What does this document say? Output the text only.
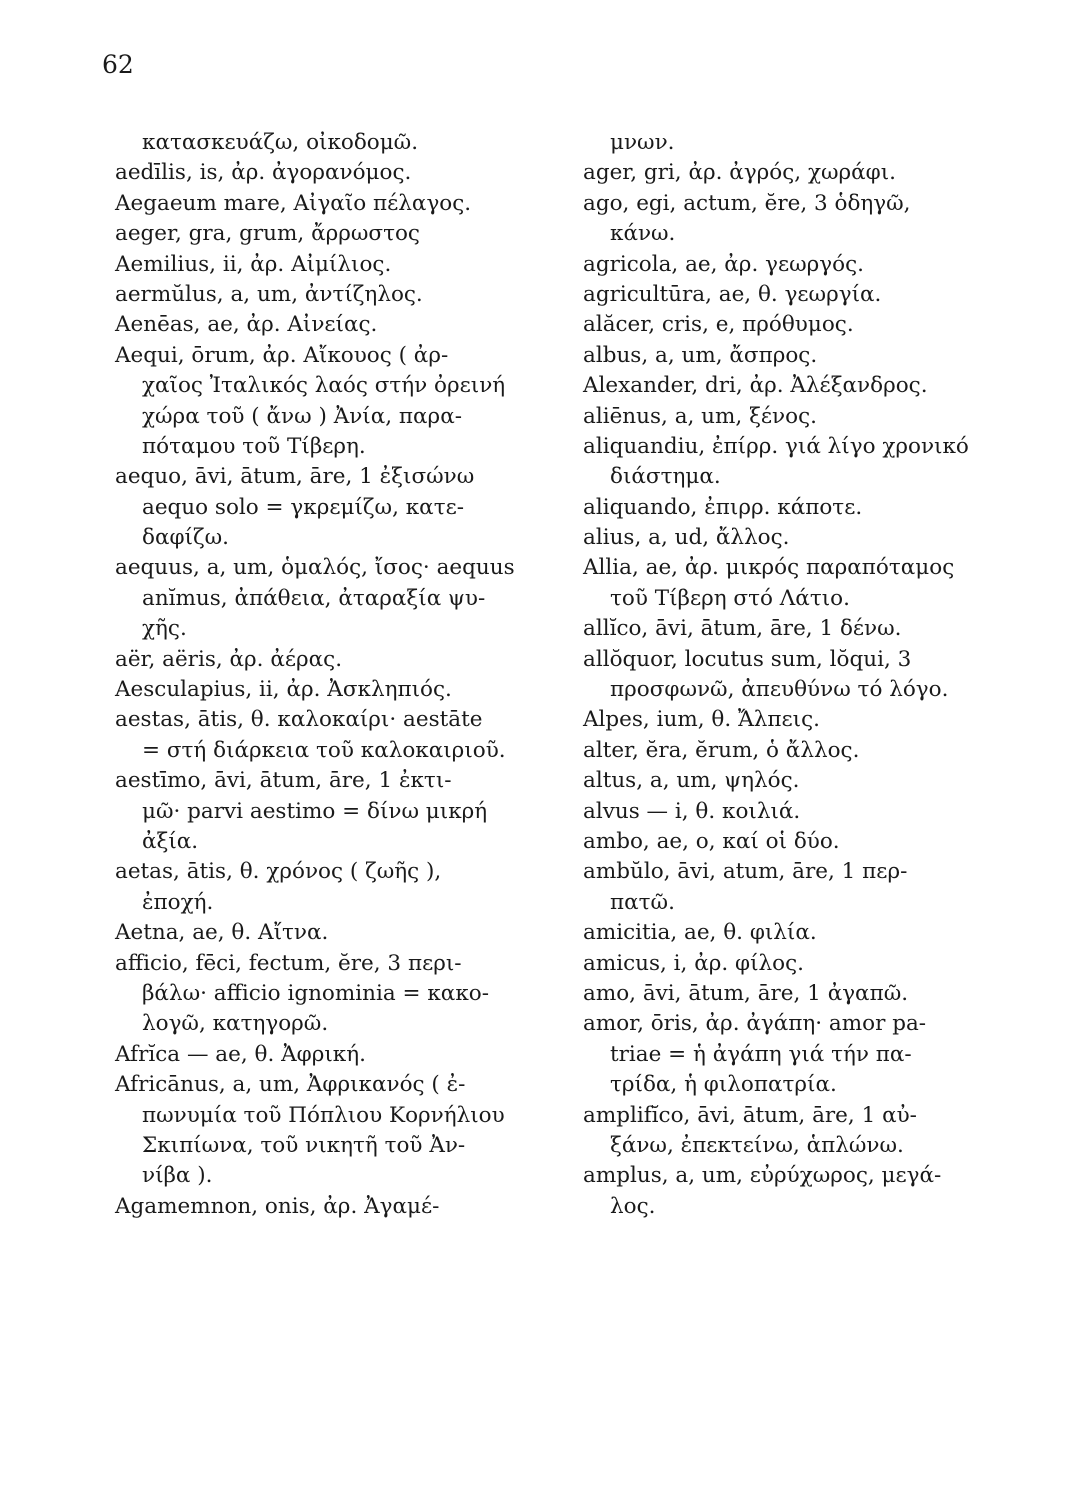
62
κατασκευάζω, οἰκοδομῶ.
aedīlis, is, ἀρ. ἀγορανόμος.
Aegaeum mare, Αἰγαῖο πέλαγος.
aeger, gra, grum, ἄρρωστος
Aemilius, ii, ἀρ. Αἰμίλιος.
aermŭlus, a, um, ἀντίζηλος.
Aenēas, ae, ἀρ. Αἰνείας.
Aequi, ōrum, ἀρ. Αἴκουος ( ἀρ-
χαῖος Ἰταλικός λαός στήν ὀρεινή
χώρα τοῦ ( ἄνω ) Ἀνία, παρα-
πόταμου τοῦ Τίβερη.
aequo, āvi, ātum, āre, 1 ἐξισώνω
aequo solo = γκρεμίζω, κατε-
δαφίζω.
aequus, a, um, ὁμαλός, ἴσος· aequus
anĭmus, ἀπάθεια, ἀταραξία ψυ-
χῆς.
aër, aëris, ἀρ. ἀέρας.
Aesculapius, ii, ἀρ. Ἀσκληπιός.
aestas, ātis, θ. καλοκαίρι· aestāte
= στή διάρκεια τοῦ καλοκαιριοῦ.
aestīmo, āvi, ātum, āre, 1 ἐκτι-
μῶ· parvi aestimo = δίνω μικρή
ἀξία.
aetas, ātis, θ. χρόνος ( ζωῆς ),
ἐποχή.
Aetna, ae, θ. Αἴτνα.
afficio, fēci, fectum, ĕre, 3 περι-
βάλω· afficio ignominia = κακο-
λογῶ, κατηγορῶ.
Afrĭca — ae, θ. Ἀφρική.
Africānus, a, um, Ἀφρικανός ( ἐ-
πωνυμία τοῦ Πόπλιου Κορνήλιου
Σκιπίωνα, τοῦ νικητῆ τοῦ Ἀν-
νίβα ).
Agamemnon, onis, ἀρ. Ἀγαμέ-
μνων.
ager, gri, ἀρ. ἀγρός, χωράφι.
ago, egi, actum, ĕre, 3 ὁδηγῶ,
κάνω.
agricola, ae, ἀρ. γεωργός.
agricultūra, ae, θ. γεωργία.
alăcer, cris, e, πρόθυμος.
albus, a, um, ἄσπρος.
Alexander, dri, ἀρ. Ἀλέξανδρος.
aliēnus, a, um, ξένος.
aliquandiu, ἐπίρρ. γιά λίγο χρονικό
διάστημα.
aliquando, ἐπιρρ. κάποτε.
alius, a, ud, ἄλλος.
Allia, ae, ἀρ. μικρός παραπόταμος
τοῦ Τίβερη στό Λάτιο.
allĭco, āvi, ātum, āre, 1 δένω.
allŏquor, locutus sum, lŏqui, 3
προσφωνῶ, ἀπευθύνω τό λόγο.
Alpes, ium, θ. Ἄλπεις.
alter, ĕra, ĕrum, ὁ ἄλλος.
altus, a, um, ψηλός.
alvus — i, θ. κοιλιά.
ambo, ae, o, καί οἱ δύο.
ambŭlo, āvi, atum, āre, 1 περ-
πατῶ.
amicitia, ae, θ. φιλία.
amicus, i, ἀρ. φίλος.
amo, āvi, ātum, āre, 1 ἀγαπῶ.
amor, ōris, ἀρ. ἀγάπη· amor pa-
triae = ἡ ἀγάπη γιά τήν πα-
τρίδα, ἡ φιλοπατρία.
amplifĭco, āvi, ātum, āre, 1 αὐ-
ξάνω, ἐπεκτείνω, ἁπλώνω.
amplus, a, um, εὐρύχωρος, μεγά-
λος.
